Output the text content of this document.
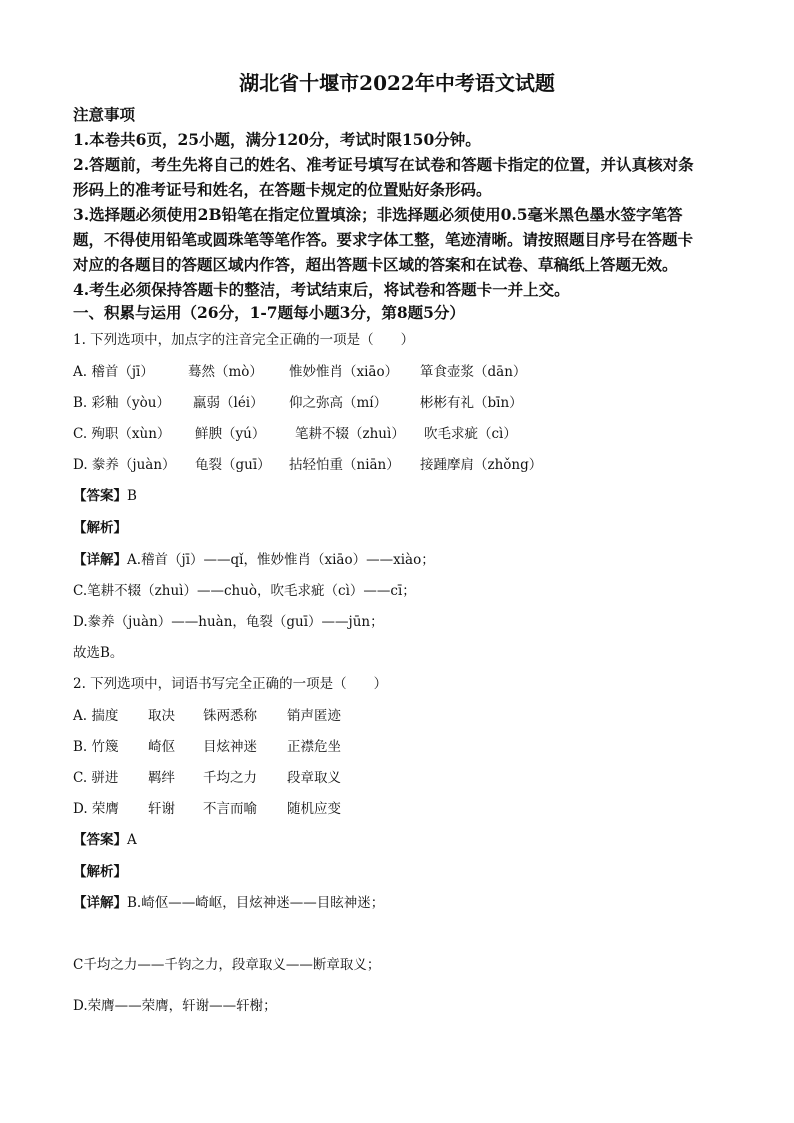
湖北省十堰市2022年中考语文试题
注意事项
1.本卷共6页，25小题，满分120分，考试时限150分钟。
2.答题前，考生先将自己的姓名、准考证号填写在试卷和答题卡指定的位置，并认真核对条
形码上的准考证号和姓名，在答题卡规定的位置贴好条形码。
3.选择题必须使用2B铅笔在指定位置填涂；非选择题必须使用0.5毫米黑色墨水签字笔答
题，不得使用铅笔或圆珠笔等笔作答。要求字体工整，笔迹清晰。请按照题目序号在答题卡
对应的各题目的答题区域内作答，超出答题卡区域的答案和在试卷、草稿纸上答题无效。
4.考生必须保持答题卡的整洁，考试结束后，将试卷和答题卡一并上交。
一、积累与运用（26分，1-7题每小题3分，第8题5分）
1. 下列选项中，加点字的注音完全正确的一项是（　　）
A. 稽首（jī）	蓦然（mò） 惟妙惟肖（xiāo） 箪食壶浆（dān）
B. 彩釉（yòu） 羸弱（léi） 仰之弥高（mí） 彬彬有礼（bīn）
C. 殉职（xùn） 鲜腴（yú） 笔耕不辍（zhuì） 吹毛求疵（cì）
D. 豢养（juàn） 龟裂（guī） 拈轻怕重（niān） 接踵摩肩（zhǒng）
【答案】B
【解析】
【详解】A.稽首（jī）——qǐ，惟妙惟肖（xiāo）——xiào；
C.笔耕不辍（zhuì）——chuò，吹毛求疵（cì）——cī；
D.豢养（juàn）——huàn，龟裂（guī）——jūn；
故选B。
2. 下列选项中，词语书写完全正确的一项是（　　）
A. 揣度 取决 铢两悉称 销声匿迹
B. 竹篾 崎伛 目炫神迷 正襟危坐
C. 骈进 羁绊 千均之力 段章取义
D. 荣膺 轩谢 不言而喻 随机应变
【答案】A
【解析】
【详解】B.崎伛——崎岖，目炫神迷——目眩神迷；
C千均之力——千钧之力，段章取义——断章取义；
D.荣膺——荣膺，轩谢——轩榭；
